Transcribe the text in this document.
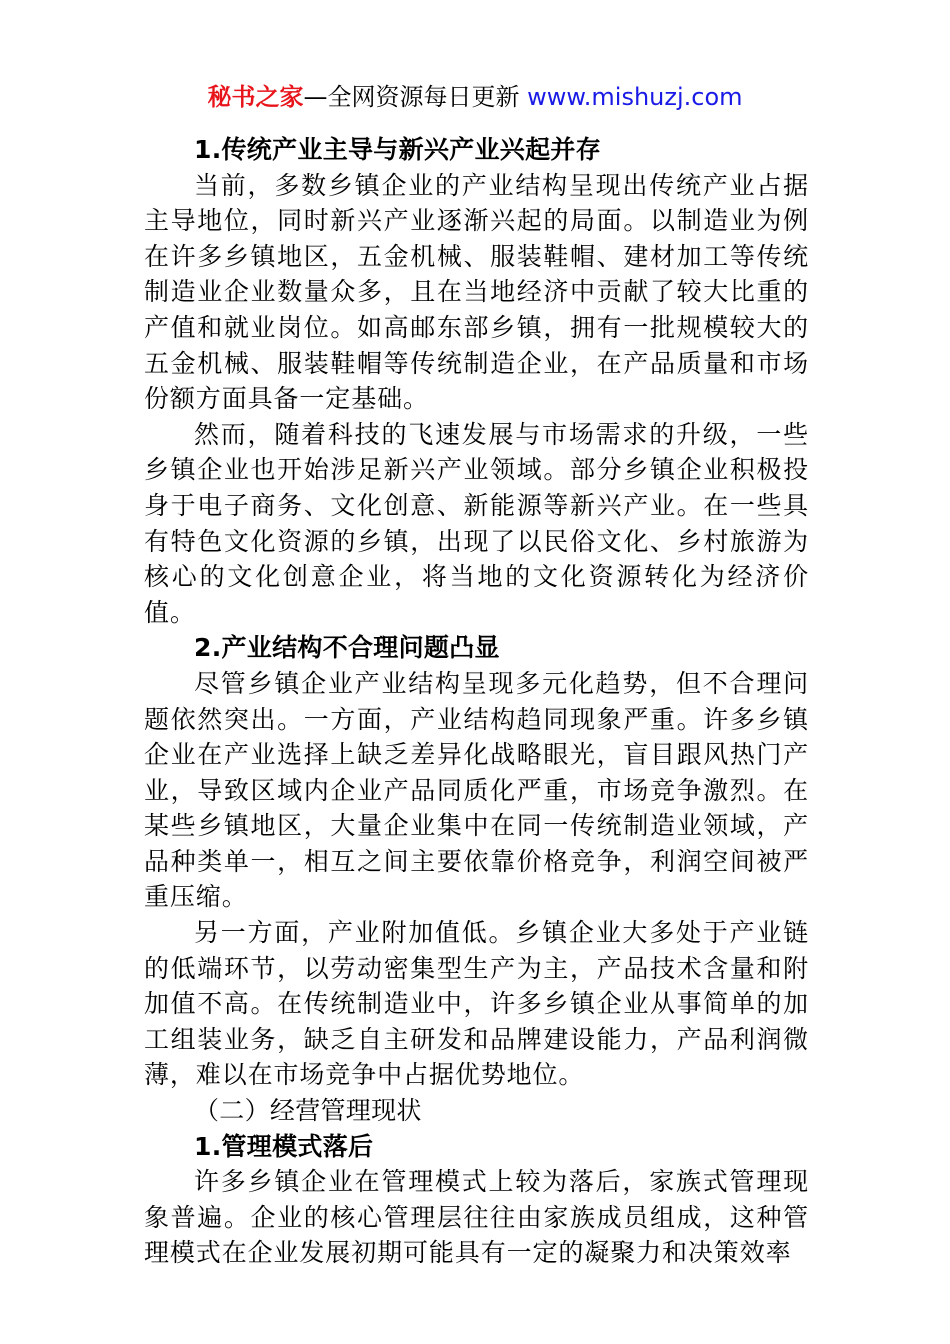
秘书之家—全网资源每日更新 www.mishuzj.com

1.传统产业主导与新兴产业兴起并存

当前，多数乡镇企业的产业结构呈现出传统产业占据主导地位，同时新兴产业逐渐兴起的局面。以制造业为例在许多乡镇地区，五金机械、服装鞋帽、建材加工等传统制造业企业数量众多，且在当地经济中贡献了较大比重的产值和就业岗位。如高邮东部乡镇，拥有一批规模较大的五金机械、服装鞋帽等传统制造企业，在产品质量和市场份额方面具备一定基础。

然而，随着科技的飞速发展与市场需求的升级，一些乡镇企业也开始涉足新兴产业领域。部分乡镇企业积极投身于电子商务、文化创意、新能源等新兴产业。在一些具有特色文化资源的乡镇，出现了以民俗文化、乡村旅游为核心的文化创意企业，将当地的文化资源转化为经济价值。

2.产业结构不合理问题凸显

尽管乡镇企业产业结构呈现多元化趋势，但不合理问题依然突出。一方面，产业结构趋同现象严重。许多乡镇企业在产业选择上缺乏差异化战略眼光，盲目跟风热门产业，导致区域内企业产品同质化严重，市场竞争激烈。在某些乡镇地区，大量企业集中在同一传统制造业领域，产品种类单一，相互之间主要依靠价格竞争，利润空间被严重压缩。

另一方面，产业附加值低。乡镇企业大多处于产业链的低端环节，以劳动密集型生产为主，产品技术含量和附加值不高。在传统制造业中，许多乡镇企业从事简单的加工组装业务，缺乏自主研发和品牌建设能力，产品利润微薄，难以在市场竞争中占据优势地位。

（二）经营管理现状

1.管理模式落后

许多乡镇企业在管理模式上较为落后，家族式管理现象普遍。企业的核心管理层往往由家族成员组成，这种管理模式在企业发展初期可能具有一定的凝聚力和决策效率
